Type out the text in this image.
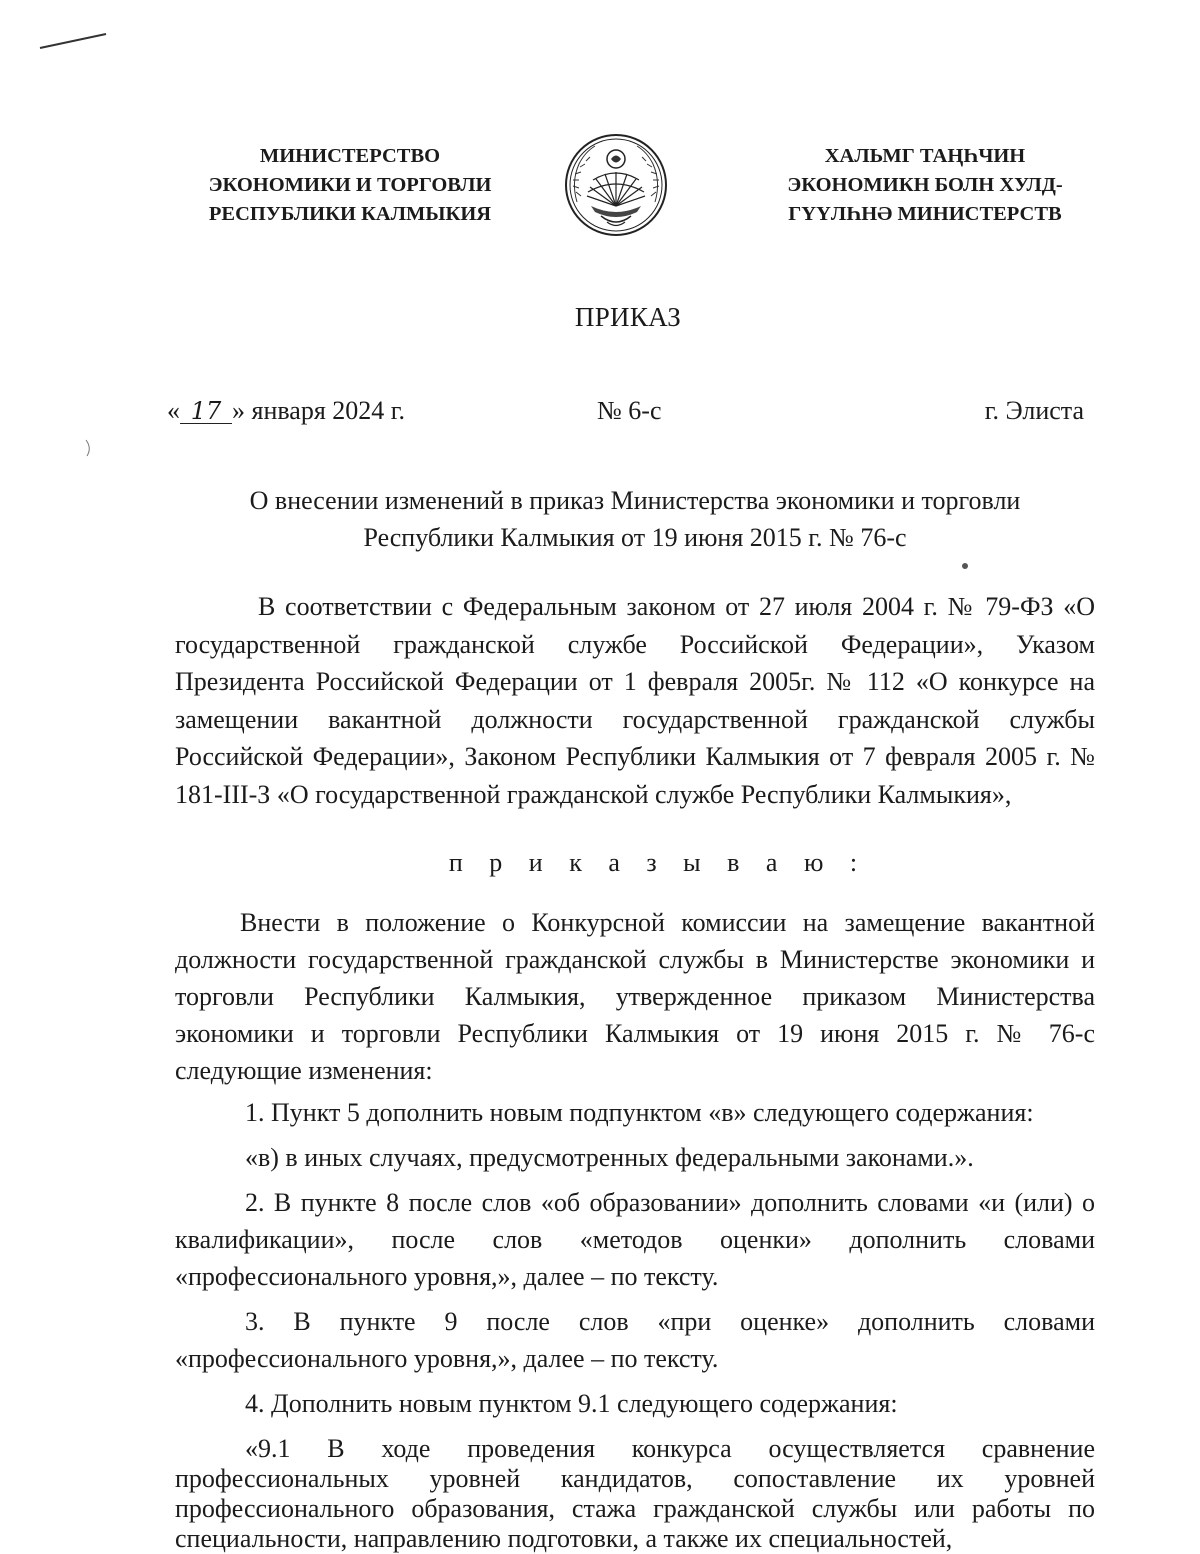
МИНИСТЕРСТВО
ЭКОНОМИКИ И ТОРГОВЛИ
РЕСПУБЛИКИ КАЛМЫКИЯ
ХАЛЬМГ ТАҢҺЧИН
ЭКОНОМИКН БОЛН ХУЛД-
ГҮҮЛҺНӘ МИНИСТЕРСТВ
ПРИКАЗ
« 17 » января 2024 г.	№ 6-с	г. Элиста
О внесении изменений в приказ Министерства экономики и торговли
Республики Калмыкия от 19 июня 2015 г. № 76-с

В соответствии с Федеральным законом от 27 июля 2004 г. № 79-ФЗ «О государственной гражданской службе Российской Федерации», Указом Президента Российской Федерации от 1 февраля 2005г. № 112 «О конкурсе на замещении вакантной должности государственной гражданской службы Российской Федерации», Законом Республики Калмыкия от 7 февраля 2005 г. № 181-III-З «О государственной гражданской службе Республики Калмыкия»,

п р и к а з ы в а ю :
Внести в положение о Конкурсной комиссии на замещение вакантной должности государственной гражданской службы в Министерстве экономики и торговли Республики Калмыкия, утвержденное приказом Министерства экономики и торговли Республики Калмыкия от 19 июня 2015 г. № 76-с следующие изменения:

1. Пункт 5 дополнить новым подпунктом «в» следующего содержания:

«в) в иных случаях, предусмотренных федеральными законами.».

2. В пункте 8 после слов «об образовании» дополнить словами «и (или) о квалификации», после слов «методов оценки» дополнить словами «профессионального уровня,», далее – по тексту.

3. В пункте 9 после слов «при оценке» дополнить словами «профессионального уровня,», далее – по тексту.

4. Дополнить новым пунктом 9.1 следующего содержания:

«9.1 В ходе проведения конкурса осуществляется сравнение профессиональных уровней кандидатов, сопоставление их уровней профессионального образования, стажа гражданской службы или работы по специальности, направлению подготовки, а также их специальностей,
